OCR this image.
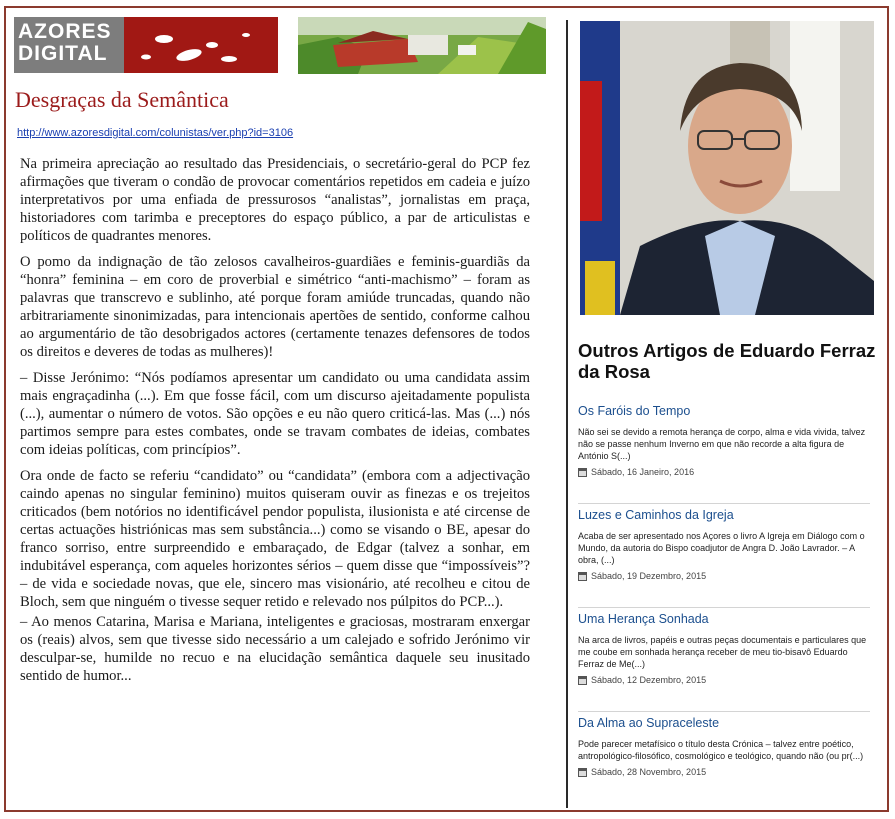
AZORES
DIGITAL
Desgraças da Semântica
http://www.azoresdigital.com/colunistas/ver.php?id=3106

Na primeira apreciação ao resultado das Presidenciais, o secretário-geral do PCP fez afirmações que tiveram o condão de provocar comentários repetidos em cadeia e juízo interpretativos por uma enfiada de pressurosos “analistas”, jornalistas em praça, historiadores com tarimba e preceptores do espaço público, a par de articulistas e políticos de quadrantes menores.

O pomo da indignação de tão zelosos cavalheiros-guardiães e feminis-guardiãs da “honra” feminina – em coro de proverbial e simétrico “anti-machismo” – foram as palavras que transcrevo e sublinho, até porque foram amiúde truncadas, quando não arbitrariamente sinonimizadas, para intencionais apertões de sentido, conforme calhou ao argumentário de tão desobrigados actores (certamente tenazes defensores de todos os direitos e deveres de todas as mulheres)!

– Disse Jerónimo: “Nós podíamos apresentar um candidato ou uma candidata assim mais engraçadinha (...). Em que fosse fácil, com um discurso ajeitadamente populista (...), aumentar o número de votos. São opções e eu não quero criticá-las. Mas (...) nós partimos sempre para estes combates, onde se travam combates de ideias, combates com ideias políticas, com princípios”.

Ora onde de facto se referiu “candidato” ou “candidata” (embora com a adjectivação caindo apenas no singular feminino) muitos quiseram ouvir as finezas e os trejeitos criticados (bem notórios no identificável pendor populista, ilusionista e até circense de certas actuações histriónicas mas sem substância...) como se visando o BE, apesar do franco sorriso, entre surpreendido e embaraçado, de Edgar (talvez a sonhar, em indubitável esperança, com aqueles horizontes sérios – quem disse que “impossíveis”? – de vida e sociedade novas, que ele, sincero mas visionário, até recolheu e citou de Bloch, sem que ninguém o tivesse sequer retido e relevado nos púlpitos do PCP...).

– Ao menos Catarina, Marisa e Mariana, inteligentes e graciosas, mostraram enxergar os (reais) alvos, sem que tivesse sido necessário a um calejado e sofrido Jerónimo vir desculpar-se, humilde no recuo e na elucidação semântica daquele seu inusitado sentido de humor...

Outros Artigos de Eduardo Ferraz da Rosa
Os Faróis do Tempo
Não sei se devido a remota herança de corpo, alma e vida vivida, talvez não se passe nenhum Inverno em que não recorde a alta figura de António S(...)
Sábado, 16 Janeiro, 2016
Luzes e Caminhos da Igreja
Acaba de ser apresentado nos Açores o livro A Igreja em Diálogo com o Mundo, da autoria do Bispo coadjutor de Angra D. João Lavrador. – A obra, (...)
Sábado, 19 Dezembro, 2015
Uma Herança Sonhada
Na arca de livros, papéis e outras peças documentais e particulares que me coube em sonhada herança receber de meu tio-bisavô Eduardo Ferraz de Me(...)
Sábado, 12 Dezembro, 2015
Da Alma ao Supraceleste
Pode parecer metafísico o título desta Crónica – talvez entre poético, antropológico-filosófico, cosmológico e teológico, quando não (ou pr(...)
Sábado, 28 Novembro, 2015
